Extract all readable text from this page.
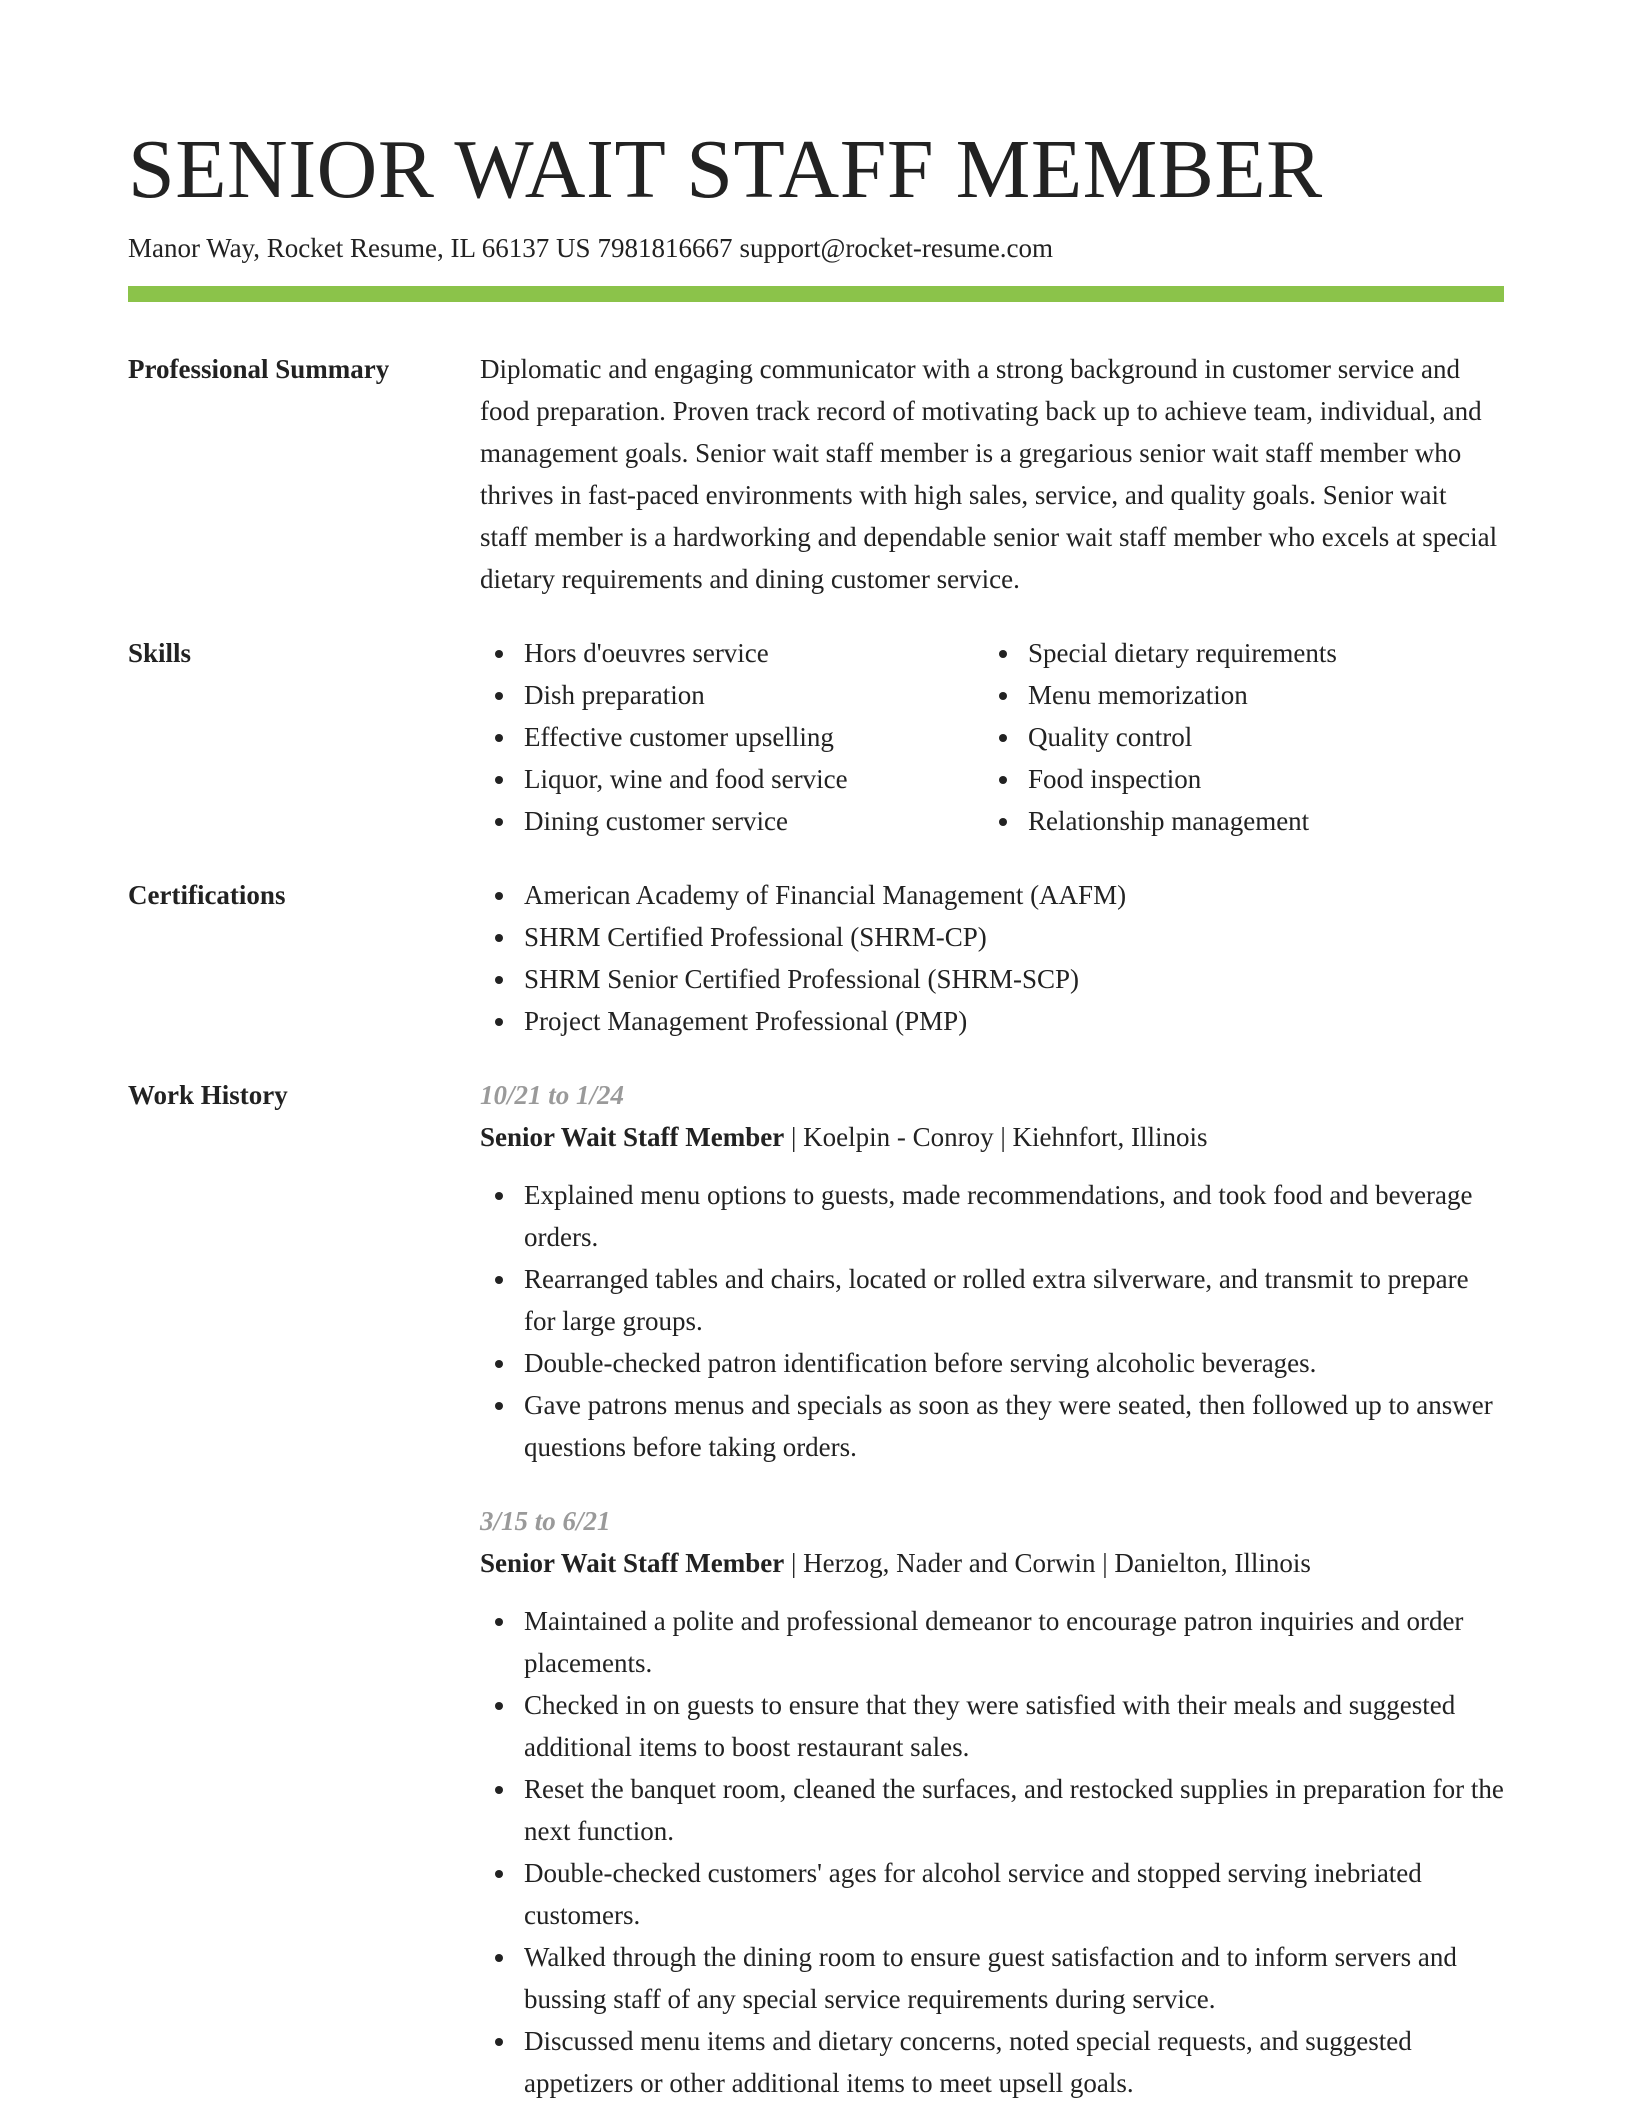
SENIOR WAIT STAFF MEMBER
Manor Way, Rocket Resume, IL 66137 US 7981816667 support@rocket-resume.com
Professional Summary	Diplomatic and engaging communicator with a strong background in customer service and food preparation. Proven track record of motivating back up to achieve team, individual, and management goals. Senior wait staff member is a gregarious senior wait staff member who thrives in fast-paced environments with high sales, service, and quality goals. Senior wait staff member is a hardworking and dependable senior wait staff member who excels at special dietary requirements and dining customer service.

Skills	Hors d'oeuvres service
Dish preparation
Effective customer upselling
Liquor, wine and food service
Dining customer service
Special dietary requirements
Menu memorization
Quality control
Food inspection
Relationship management
Certifications	American Academy of Financial Management (AAFM)
SHRM Certified Professional (SHRM-CP)
SHRM Senior Certified Professional (SHRM-SCP)
Project Management Professional (PMP)
Work History	10/21 to 1/24
Senior Wait Staff Member | Koelpin - Conroy | Kiehnfort, Illinois
Explained menu options to guests, made recommendations, and took food and beverage orders.
Rearranged tables and chairs, located or rolled extra silverware, and transmit to prepare for large groups.
Double-checked patron identification before serving alcoholic beverages.
Gave patrons menus and specials as soon as they were seated, then followed up to answer questions before taking orders.
3/15 to 6/21
Senior Wait Staff Member | Herzog, Nader and Corwin | Danielton, Illinois
Maintained a polite and professional demeanor to encourage patron inquiries and order placements.
Checked in on guests to ensure that they were satisfied with their meals and suggested additional items to boost restaurant sales.
Reset the banquet room, cleaned the surfaces, and restocked supplies in preparation for the next function.
Double-checked customers' ages for alcohol service and stopped serving inebriated customers.
Walked through the dining room to ensure guest satisfaction and to inform servers and bussing staff of any special service requirements during service.
Discussed menu items and dietary concerns, noted special requests, and suggested appetizers or other additional items to meet upsell goals.
